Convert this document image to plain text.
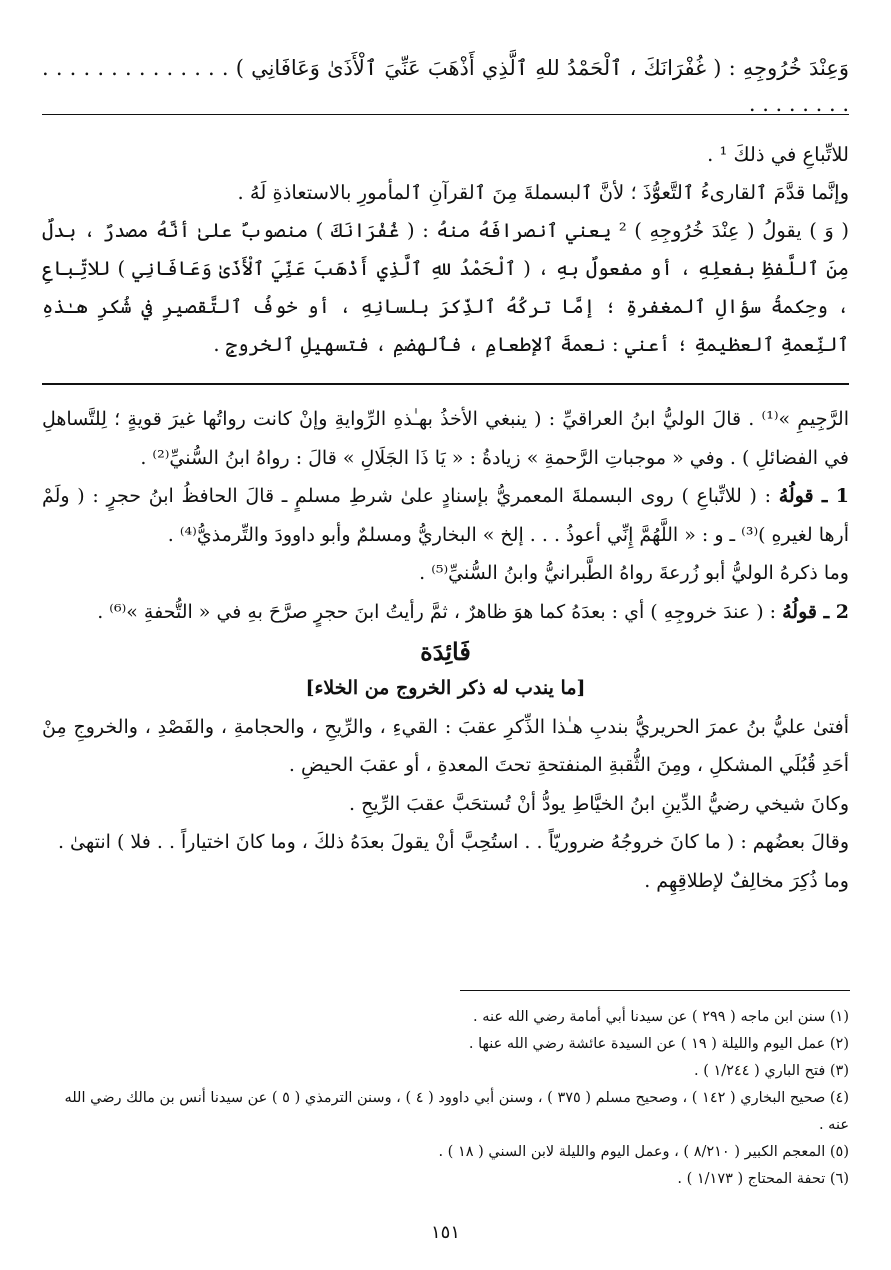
وَعِنْدَ خُرُوجِهِ : ( غُفْرَانَكَ ، ٱلْحَمْدُ للهِ ٱلَّذِي أَذْهَبَ عَنِّيَ ٱلْأَذَىٰ وَعَافَانِي ) . . . . . . . . . . . . . . . . . . . . . .

للاتِّباعِ في ذلكَ ¹ .

وإنَّما قدَّمَ ٱلقارىءُ ٱلتَّعوُّذَ ؛ لأنَّ ٱلبسملةَ مِنَ ٱلقرآنِ ٱلمأمورِ بالاستعاذةِ لَهُ .

( وَ ) يقولُ ( عِنْدَ خُرُوجِهِ ) ² يعني ٱنصرافَهُ منهُ : ( غُفْرَانَكَ ) منصوبٌ علىٰ أنَّهُ مصدرٌ ، بدلٌ مِنَ ٱللَّفظِ بفعلِهِ ، أو مفعولٌ بهِ ، ( ٱلْحَمْدُ للهِ ٱلَّذِي أَذْهَبَ عَنِّيَ ٱلْأَذَىٰ وَعَافَانِي ) للاتِّباعِ ، وحِكمةُ سؤالِ ٱلمغفرةِ ؛ إمَّا تركُهُ ٱلذِّكرَ بلسانِهِ ، أو خوفُ ٱلتَّقصيرِ في شُكرِ هـٰذهِ ٱلنِّعمةِ ٱلعظيمةِ ؛ أعني : نعمةَ ٱلإطعامِ ، فٱلهضمِ ، فتسهيلِ ٱلخروجِ .

الرَّجِيمِ »⁽¹⁾ . قالَ الوليُّ ابنُ العراقيِّ : ( ينبغي الأخذُ بهـٰذهِ الرِّوايةِ وإنْ كانت رواتُها غيرَ قويةٍ ؛ لِلتَّساهلِ في الفضائلِ ) . وفي « موجباتِ الرَّحمةِ » زيادةُ : « يَا ذَا الجَلَالِ » قالَ : رواهُ ابنُ السُّنيِّ⁽²⁾ .

1 ـ قولُهُ : ( للاتِّباعِ ) روى البسملةَ المعمريُّ بإسنادٍ علىٰ شرطِ مسلمٍ ـ قالَ الحافظُ ابنُ حجرٍ : ( ولَمْ أرها لغيرهِ )⁽³⁾ ـ و : « اللَّهُمَّ إِنِّي أعوذُ . . . إلخ » البخاريُّ ومسلمٌ وأبو داوودَ والتِّرمذيُّ⁽⁴⁾ .

وما ذكرهُ الوليُّ أبو زُرعةَ رواهُ الطَّبرانيُّ وابنُ السُّنيِّ⁽⁵⁾ .

2 ـ قولُهُ : ( عندَ خروجِهِ ) أي : بعدَهُ كما هوَ ظاهرٌ ، ثمَّ رأيتُ ابنَ حجرٍ صرَّحَ بهِ في « التُّحفةِ »⁽⁶⁾ .

فَائِدَة

[ما يندب له ذكر الخروج من الخلاء]

أفتىٰ عليُّ بنُ عمرَ الحريريُّ بندبِ هـٰذا الذِّكرِ عقبَ : القيءِ ، والرِّيحِ ، والحجامةِ ، والفَصْدِ ، والخروجِ مِنْ أحَدِ قُبُلَي المشكلِ ، ومِنَ الثُّقبةِ المنفتحةِ تحتَ المعدةِ ، أو عقبَ الحيضِ .

وكانَ شيخي رضيُّ الدِّينِ ابنُ الخيَّاطِ يودُّ أنْ تُستحَبَّ عقبَ الرِّيحِ .

وقالَ بعضُهم : ( ما كانَ خروجُهُ ضروريّاً . . استُحِبَّ أنْ يقولَ بعدَهُ ذلكَ ، وما كانَ اختياراً . . فلا ) انتهىٰ .

وما ذُكِرَ مخالِفٌ لإطلاقِهِم .

(١) سنن ابن ماجه ( ٢٩٩ ) عن سيدنا أبي أمامة رضي الله عنه .

(٢) عمل اليوم والليلة ( ١٩ ) عن السيدة عائشة رضي الله عنها .

(٣) فتح الباري ( ١/٢٤٤ ) .

(٤) صحيح البخاري ( ١٤٢ ) ، وصحيح مسلم ( ٣٧٥ ) ، وسنن أبي داوود ( ٤ ) ، وسنن الترمذي ( ٥ ) عن سيدنا أنس بن مالك رضي الله عنه .

(٥) المعجم الكبير ( ٨/٢١٠ ) ، وعمل اليوم والليلة لابن السني ( ١٨ ) .

(٦) تحفة المحتاج ( ١/١٧٣ ) .

١٥١
